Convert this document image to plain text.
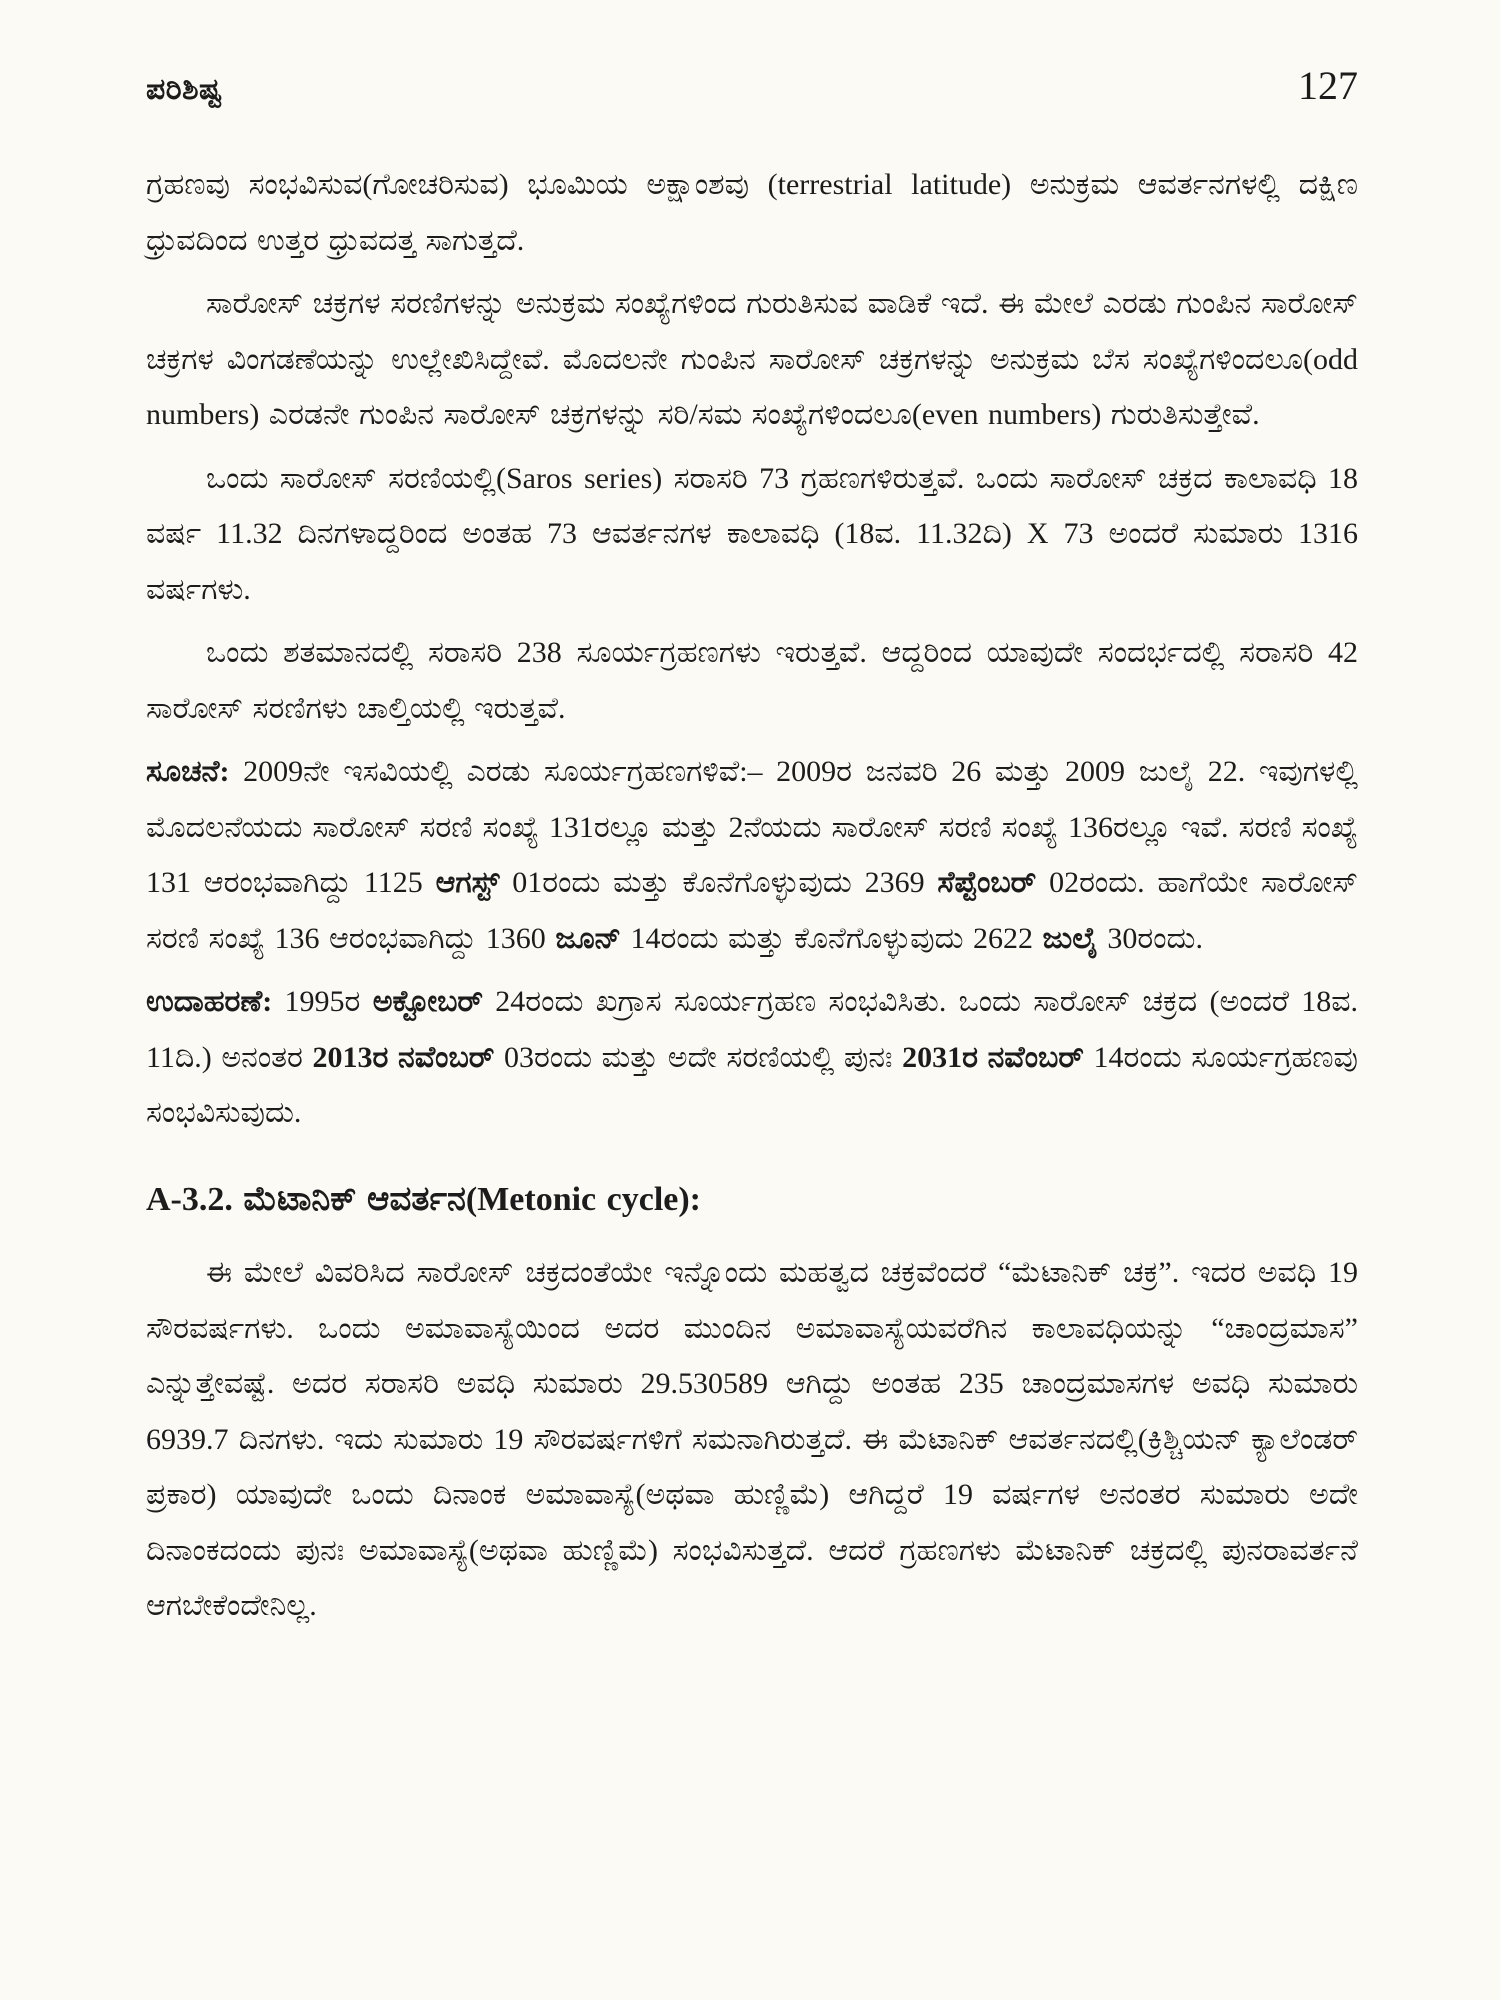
ಪರಿಶಿಷ್ಟ	127

ಗ್ರಹಣವು ಸಂಭವಿಸುವ(ಗೋಚರಿಸುವ) ಭೂಮಿಯ ಅಕ್ಷಾಂಶವು (terrestrial latitude) ಅನುಕ್ರಮ ಆವರ್ತನಗಳಲ್ಲಿ ದಕ್ಷಿಣ ಧ್ರುವದಿಂದ ಉತ್ತರ ಧ್ರುವದತ್ತ ಸಾಗುತ್ತದೆ.

ಸಾರೋಸ್ ಚಕ್ರಗಳ ಸರಣಿಗಳನ್ನು ಅನುಕ್ರಮ ಸಂಖ್ಯೆಗಳಿಂದ ಗುರುತಿಸುವ ವಾಡಿಕೆ ಇದೆ. ಈ ಮೇಲೆ ಎರಡು ಗುಂಪಿನ ಸಾರೋಸ್ ಚಕ್ರಗಳ ವಿಂಗಡಣೆಯನ್ನು ಉಲ್ಲೇಖಿಸಿದ್ದೇವೆ. ಮೊದಲನೇ ಗುಂಪಿನ ಸಾರೋಸ್ ಚಕ್ರಗಳನ್ನು ಅನುಕ್ರಮ ಬೆಸ ಸಂಖ್ಯೆಗಳಿಂದಲೂ(odd numbers) ಎರಡನೇ ಗುಂಪಿನ ಸಾರೋಸ್ ಚಕ್ರಗಳನ್ನು ಸರಿ/ಸಮ ಸಂಖ್ಯೆಗಳಿಂದಲೂ(even numbers) ಗುರುತಿಸುತ್ತೇವೆ.

ಒಂದು ಸಾರೋಸ್ ಸರಣಿಯಲ್ಲಿ(Saros series) ಸರಾಸರಿ 73 ಗ್ರಹಣಗಳಿರುತ್ತವೆ. ಒಂದು ಸಾರೋಸ್ ಚಕ್ರದ ಕಾಲಾವಧಿ 18 ವರ್ಷ 11.32 ದಿನಗಳಾದ್ದರಿಂದ ಅಂತಹ 73 ಆವರ್ತನಗಳ ಕಾಲಾವಧಿ (18ವ. 11.32ದಿ) X 73 ಅಂದರೆ ಸುಮಾರು 1316 ವರ್ಷಗಳು.

ಒಂದು ಶತಮಾನದಲ್ಲಿ ಸರಾಸರಿ 238 ಸೂರ್ಯಗ್ರಹಣಗಳು ಇರುತ್ತವೆ. ಆದ್ದರಿಂದ ಯಾವುದೇ ಸಂದರ್ಭದಲ್ಲಿ ಸರಾಸರಿ 42 ಸಾರೋಸ್ ಸರಣಿಗಳು ಚಾಲ್ತಿಯಲ್ಲಿ ಇರುತ್ತವೆ.

ಸೂಚನೆ: 2009ನೇ ಇಸವಿಯಲ್ಲಿ ಎರಡು ಸೂರ್ಯಗ್ರಹಣಗಳಿವೆ:– 2009ರ ಜನವರಿ 26 ಮತ್ತು 2009 ಜುಲೈ 22. ಇವುಗಳಲ್ಲಿ ಮೊದಲನೆಯದು ಸಾರೋಸ್ ಸರಣಿ ಸಂಖ್ಯೆ 131ರಲ್ಲೂ ಮತ್ತು 2ನೆಯದು ಸಾರೋಸ್ ಸರಣಿ ಸಂಖ್ಯೆ 136ರಲ್ಲೂ ಇವೆ. ಸರಣಿ ಸಂಖ್ಯೆ 131 ಆರಂಭವಾಗಿದ್ದು 1125 ಆಗಸ್ಟ್ 01ರಂದು ಮತ್ತು ಕೊನೆಗೊಳ್ಳುವುದು 2369 ಸೆಪ್ಟೆಂಬರ್ 02ರಂದು. ಹಾಗೆಯೇ ಸಾರೋಸ್ ಸರಣಿ ಸಂಖ್ಯೆ 136 ಆರಂಭವಾಗಿದ್ದು 1360 ಜೂನ್ 14ರಂದು ಮತ್ತು ಕೊನೆಗೊಳ್ಳುವುದು 2622 ಜುಲೈ 30ರಂದು.

ಉದಾಹರಣೆ: 1995ರ ಅಕ್ಟೋಬರ್ 24ರಂದು ಖಗ್ರಾಸ ಸೂರ್ಯಗ್ರಹಣ ಸಂಭವಿಸಿತು. ಒಂದು ಸಾರೋಸ್ ಚಕ್ರದ (ಅಂದರೆ 18ವ. 11ದಿ.) ಅನಂತರ 2013ರ ನವೆಂಬರ್ 03ರಂದು ಮತ್ತು ಅದೇ ಸರಣಿಯಲ್ಲಿ ಪುನಃ 2031ರ ನವೆಂಬರ್ 14ರಂದು ಸೂರ್ಯಗ್ರಹಣವು ಸಂಭವಿಸುವುದು.

A-3.2. ಮೆಟಾನಿಕ್ ಆವರ್ತನ(Metonic cycle):

ಈ ಮೇಲೆ ವಿವರಿಸಿದ ಸಾರೋಸ್ ಚಕ್ರದಂತೆಯೇ ಇನ್ನೊಂದು ಮಹತ್ವದ ಚಕ್ರವೆಂದರೆ “ಮೆಟಾನಿಕ್ ಚಕ್ರ”. ಇದರ ಅವಧಿ 19 ಸೌರವರ್ಷಗಳು. ಒಂದು ಅಮಾವಾಸ್ಯೆಯಿಂದ ಅದರ ಮುಂದಿನ ಅಮಾವಾಸ್ಯೆಯವರೆಗಿನ ಕಾಲಾವಧಿಯನ್ನು “ಚಾಂದ್ರಮಾಸ” ಎನ್ನುತ್ತೇವಷ್ಟೆ. ಅದರ ಸರಾಸರಿ ಅವಧಿ ಸುಮಾರು 29.530589 ಆಗಿದ್ದು ಅಂತಹ 235 ಚಾಂದ್ರಮಾಸಗಳ ಅವಧಿ ಸುಮಾರು 6939.7 ದಿನಗಳು. ಇದು ಸುಮಾರು 19 ಸೌರವರ್ಷಗಳಿಗೆ ಸಮನಾಗಿರುತ್ತದೆ. ಈ ಮೆಟಾನಿಕ್ ಆವರ್ತನದಲ್ಲಿ(ಕ್ರಿಶ್ಚಿಯನ್ ಕ್ಯಾಲೆಂಡರ್ ಪ್ರಕಾರ) ಯಾವುದೇ ಒಂದು ದಿನಾಂಕ ಅಮಾವಾಸ್ಯೆ(ಅಥವಾ ಹುಣ್ಣಿಮೆ) ಆಗಿದ್ದರೆ 19 ವರ್ಷಗಳ ಅನಂತರ ಸುಮಾರು ಅದೇ ದಿನಾಂಕದಂದು ಪುನಃ ಅಮಾವಾಸ್ಯೆ(ಅಥವಾ ಹುಣ್ಣಿಮೆ) ಸಂಭವಿಸುತ್ತದೆ. ಆದರೆ ಗ್ರಹಣಗಳು ಮೆಟಾನಿಕ್ ಚಕ್ರದಲ್ಲಿ ಪುನರಾವರ್ತನೆ ಆಗಬೇಕೆಂದೇನಿಲ್ಲ.
